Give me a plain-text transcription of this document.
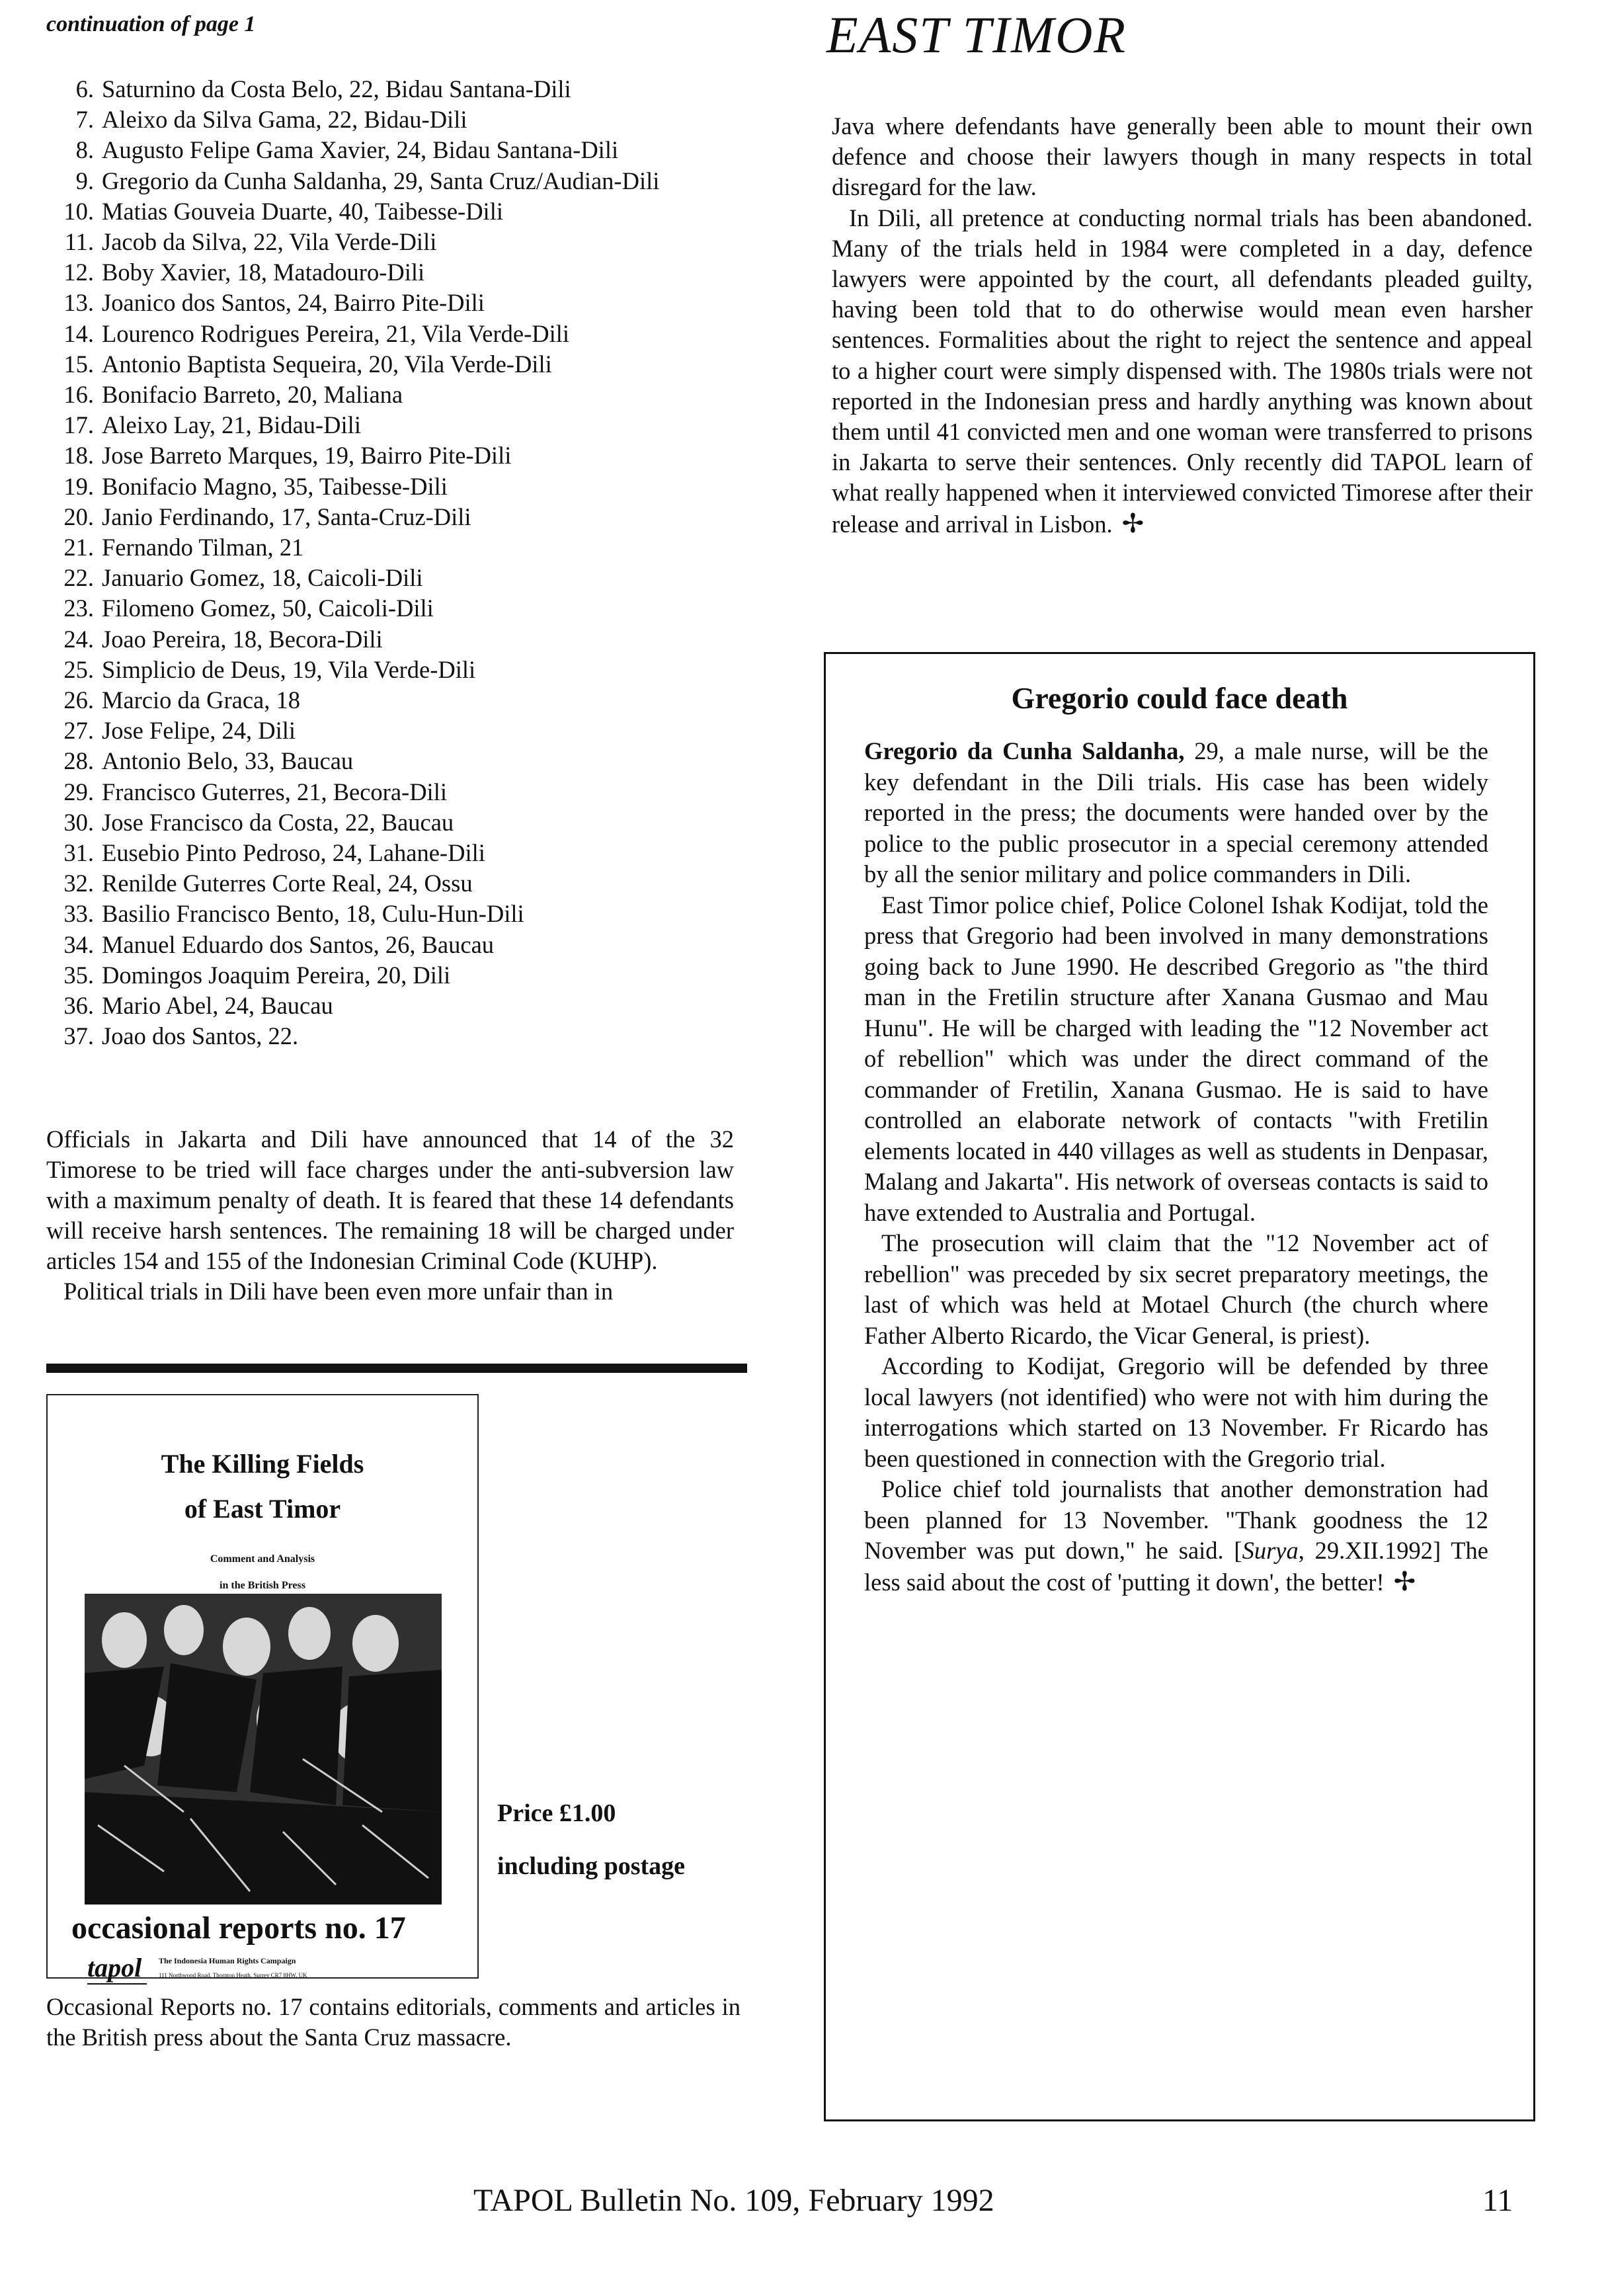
continuation of page 1	EAST TIMOR
6. Saturnino da Costa Belo, 22, Bidau Santana-Dili
7. Aleixo da Silva Gama, 22, Bidau-Dili
8. Augusto Felipe Gama Xavier, 24, Bidau Santana-Dili
9. Gregorio da Cunha Saldanha, 29, Santa Cruz/Audian-Dili
10. Matias Gouveia Duarte, 40, Taibesse-Dili
11. Jacob da Silva, 22, Vila Verde-Dili
12. Boby Xavier, 18, Matadouro-Dili
13. Joanico dos Santos, 24, Bairro Pite-Dili
14. Lourenco Rodrigues Pereira, 21, Vila Verde-Dili
15. Antonio Baptista Sequeira, 20, Vila Verde-Dili
16. Bonifacio Barreto, 20, Maliana
17. Aleixo Lay, 21, Bidau-Dili
18. Jose Barreto Marques, 19, Bairro Pite-Dili
19. Bonifacio Magno, 35, Taibesse-Dili
20. Janio Ferdinando, 17, Santa-Cruz-Dili
21. Fernando Tilman, 21
22. Januario Gomez, 18, Caicoli-Dili
23. Filomeno Gomez, 50, Caicoli-Dili
24. Joao Pereira, 18, Becora-Dili
25. Simplicio de Deus, 19, Vila Verde-Dili
26. Marcio da Graca, 18
27. Jose Felipe, 24, Dili
28. Antonio Belo, 33, Baucau
29. Francisco Guterres, 21, Becora-Dili
30. Jose Francisco da Costa, 22, Baucau
31. Eusebio Pinto Pedroso, 24, Lahane-Dili
32. Renilde Guterres Corte Real, 24, Ossu
33. Basilio Francisco Bento, 18, Culu-Hun-Dili
34. Manuel Eduardo dos Santos, 26, Baucau
35. Domingos Joaquim Pereira, 20, Dili
36. Mario Abel, 24, Baucau
37. Joao dos Santos, 22.

Officials in Jakarta and Dili have announced that 14 of the 32 Timorese to be tried will face charges under the anti-subversion law with a maximum penalty of death. It is feared that these 14 defendants will receive harsh sentences. The remaining 18 will be charged under articles 154 and 155 of the Indonesian Criminal Code (KUHP).

Political trials in Dili have been even more unfair than in

The Killing Fields
of East Timor
Comment and Analysis
in the British Press
occasional reports no. 17
tapol	The Indonesia Human Rights Campaign
111 Northwood Road, Thornton Heath, Surrey CR7 8HW, UK
Price £1.00
including postage

Occasional Reports no. 17 contains editorials, comments and articles in the British press about the Santa Cruz massacre.

Java where defendants have generally been able to mount their own defence and choose their lawyers though in many respects in total disregard for the law.

In Dili, all pretence at conducting normal trials has been abandoned. Many of the trials held in 1984 were completed in a day, defence lawyers were appointed by the court, all defendants pleaded guilty, having been told that to do otherwise would mean even harsher sentences. Formalities about the right to reject the sentence and appeal to a higher court were simply dispensed with. The 1980s trials were not reported in the Indonesian press and hardly anything was known about them until 41 convicted men and one woman were transferred to prisons in Jakarta to serve their sentences. Only recently did TAPOL learn of what really happened when it interviewed convicted Timorese after their release and arrival in Lisbon. ✢

Gregorio could face death

Gregorio da Cunha Saldanha, 29, a male nurse, will be the key defendant in the Dili trials. His case has been widely reported in the press; the documents were handed over by the police to the public prosecutor in a special ceremony attended by all the senior military and police commanders in Dili.

East Timor police chief, Police Colonel Ishak Kodijat, told the press that Gregorio had been involved in many demonstrations going back to June 1990. He described Gregorio as "the third man in the Fretilin structure after Xanana Gusmao and Mau Hunu". He will be charged with leading the "12 November act of rebellion" which was under the direct command of the commander of Fretilin, Xanana Gusmao. He is said to have controlled an elaborate network of contacts "with Fretilin elements located in 440 villages as well as students in Denpasar, Malang and Jakarta". His network of overseas contacts is said to have extended to Australia and Portugal.

The prosecution will claim that the "12 November act of rebellion" was preceded by six secret preparatory meetings, the last of which was held at Motael Church (the church where Father Alberto Ricardo, the Vicar General, is priest).

According to Kodijat, Gregorio will be defended by three local lawyers (not identified) who were not with him during the interrogations which started on 13 November. Fr Ricardo has been questioned in connection with the Gregorio trial.

Police chief told journalists that another demonstration had been planned for 13 November. "Thank goodness the 12 November was put down," he said. [Surya, 29.XII.1992] The less said about the cost of 'putting it down', the better! ✢

TAPOL Bulletin No. 109, February 1992	11
